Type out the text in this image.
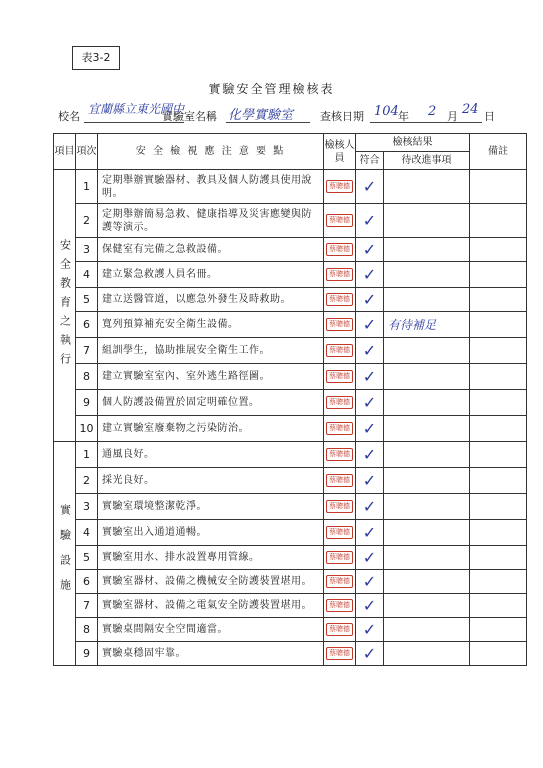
表3-2
實驗安全管理檢核表
校名
宜蘭縣立東光國中
實驗室名稱 化學實驗室 查核日期 104 年 2 月 24 日
項目	項次	安 全 檢 視 應 注 意 要 點	檢核人員	檢核結果		備註
				符合	待改進事項	
安全教育之執行	1	定期舉辦實驗器材、教具及個人防護具使用說明。	蔡聰德	✓		
	2	定期舉辦簡易急救、健康指導及災害應變與防護等演示。	蔡聰德	✓		
	3	保健室有完備之急救設備。	蔡聰德	✓		
	4	建立緊急救護人員名冊。	蔡聰德	✓		
	5	建立送醫管道，以應急外發生及時救助。	蔡聰德	✓		
	6	寬列預算補充安全衛生設備。	蔡聰德	✓	有待補足	
	7	組訓學生，協助推展安全衛生工作。	蔡聰德	✓		
	8	建立實驗室室內、室外逃生路徑圖。	蔡聰德	✓		
	9	個人防護設備置於固定明確位置。	蔡聰德	✓		
	10	建立實驗室廢棄物之污染防治。	蔡聰德	✓		
實驗設施	1	通風良好。	蔡聰德	✓		
	2	採光良好。	蔡聰德	✓		
	3	實驗室環境整潔乾淨。	蔡聰德	✓		
	4	實驗室出入通道通暢。	蔡聰德	✓		
	5	實驗室用水、排水設置專用管線。	蔡聰德	✓		
	6	實驗室器材、設備之機械安全防護裝置堪用。	蔡聰德	✓		
	7	實驗室器材、設備之電氣安全防護裝置堪用。	蔡聰德	✓		
	8	實驗桌間隔安全空間適當。	蔡聰德	✓		
	9	實驗桌穩固牢靠。	蔡聰德	✓		
